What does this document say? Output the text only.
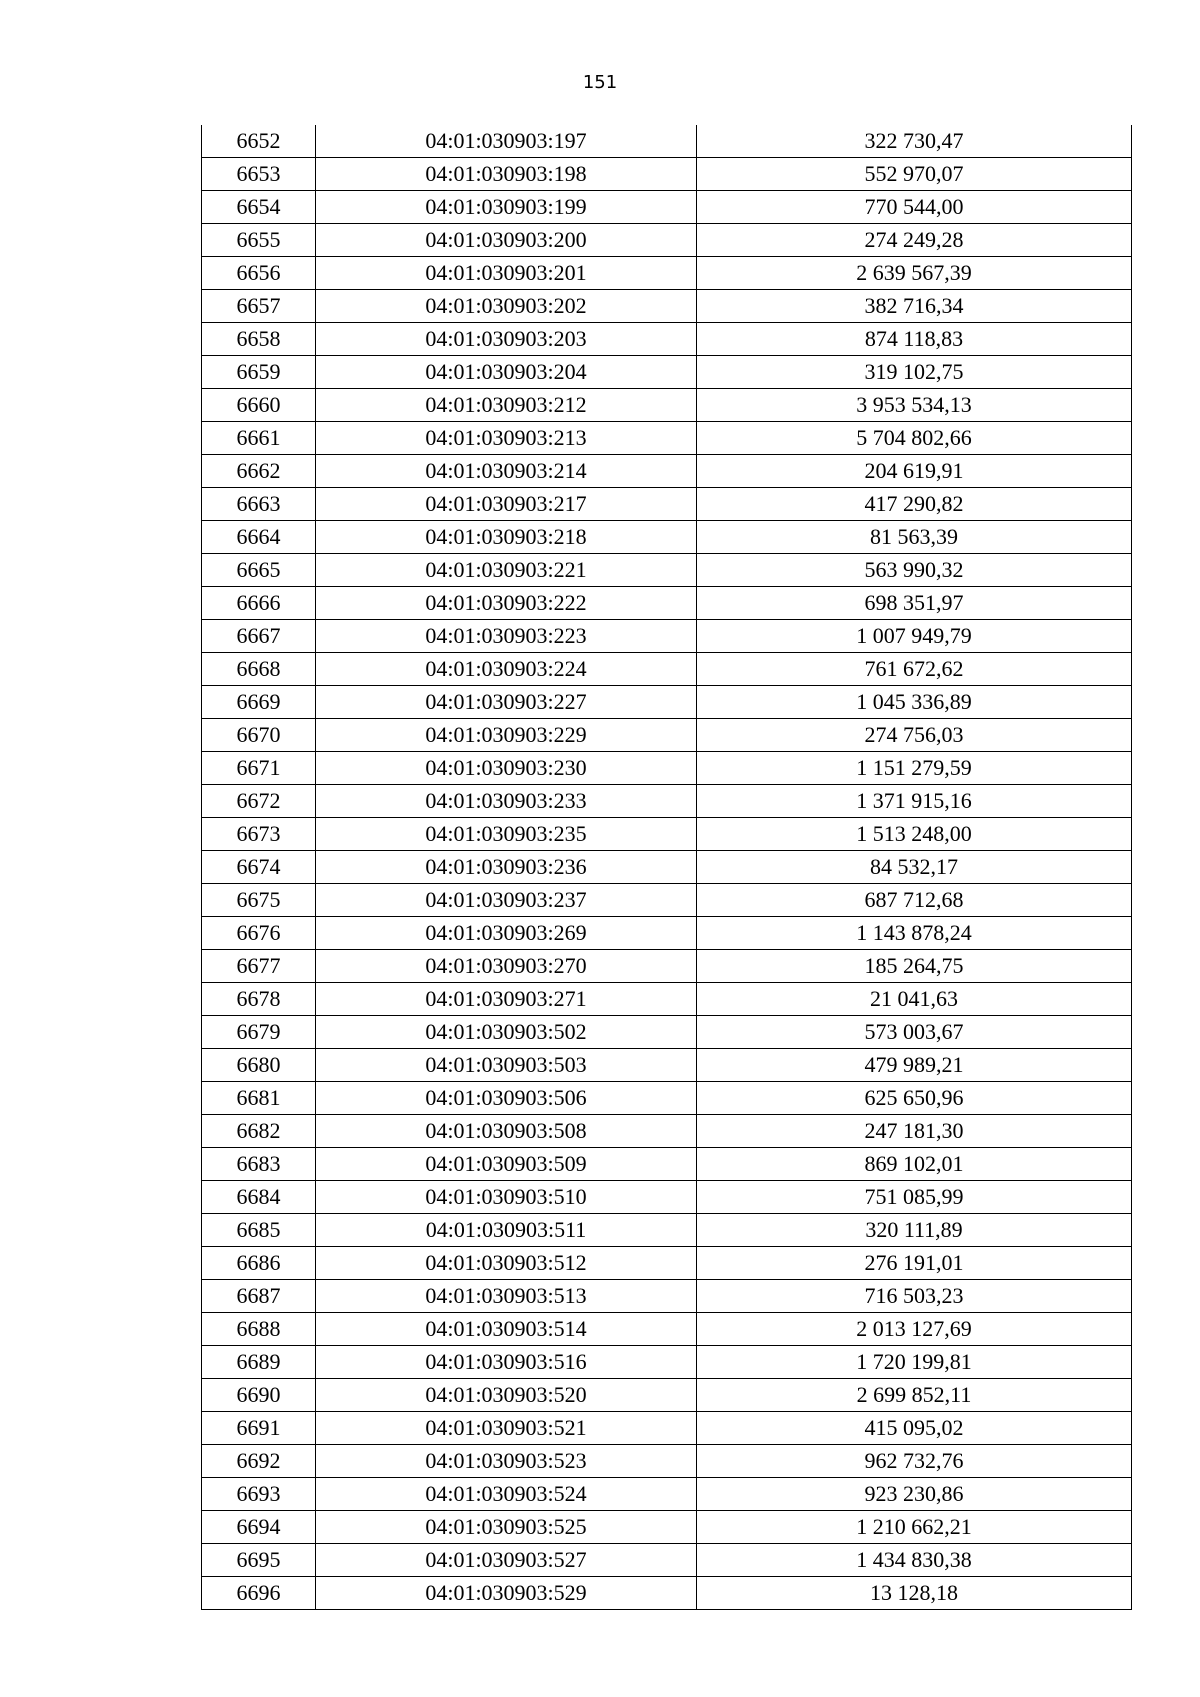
151
6652	04:01:030903:197	322 730,47
6653	04:01:030903:198	552 970,07
6654	04:01:030903:199	770 544,00
6655	04:01:030903:200	274 249,28
6656	04:01:030903:201	2 639 567,39
6657	04:01:030903:202	382 716,34
6658	04:01:030903:203	874 118,83
6659	04:01:030903:204	319 102,75
6660	04:01:030903:212	3 953 534,13
6661	04:01:030903:213	5 704 802,66
6662	04:01:030903:214	204 619,91
6663	04:01:030903:217	417 290,82
6664	04:01:030903:218	81 563,39
6665	04:01:030903:221	563 990,32
6666	04:01:030903:222	698 351,97
6667	04:01:030903:223	1 007 949,79
6668	04:01:030903:224	761 672,62
6669	04:01:030903:227	1 045 336,89
6670	04:01:030903:229	274 756,03
6671	04:01:030903:230	1 151 279,59
6672	04:01:030903:233	1 371 915,16
6673	04:01:030903:235	1 513 248,00
6674	04:01:030903:236	84 532,17
6675	04:01:030903:237	687 712,68
6676	04:01:030903:269	1 143 878,24
6677	04:01:030903:270	185 264,75
6678	04:01:030903:271	21 041,63
6679	04:01:030903:502	573 003,67
6680	04:01:030903:503	479 989,21
6681	04:01:030903:506	625 650,96
6682	04:01:030903:508	247 181,30
6683	04:01:030903:509	869 102,01
6684	04:01:030903:510	751 085,99
6685	04:01:030903:511	320 111,89
6686	04:01:030903:512	276 191,01
6687	04:01:030903:513	716 503,23
6688	04:01:030903:514	2 013 127,69
6689	04:01:030903:516	1 720 199,81
6690	04:01:030903:520	2 699 852,11
6691	04:01:030903:521	415 095,02
6692	04:01:030903:523	962 732,76
6693	04:01:030903:524	923 230,86
6694	04:01:030903:525	1 210 662,21
6695	04:01:030903:527	1 434 830,38
6696	04:01:030903:529	13 128,18
